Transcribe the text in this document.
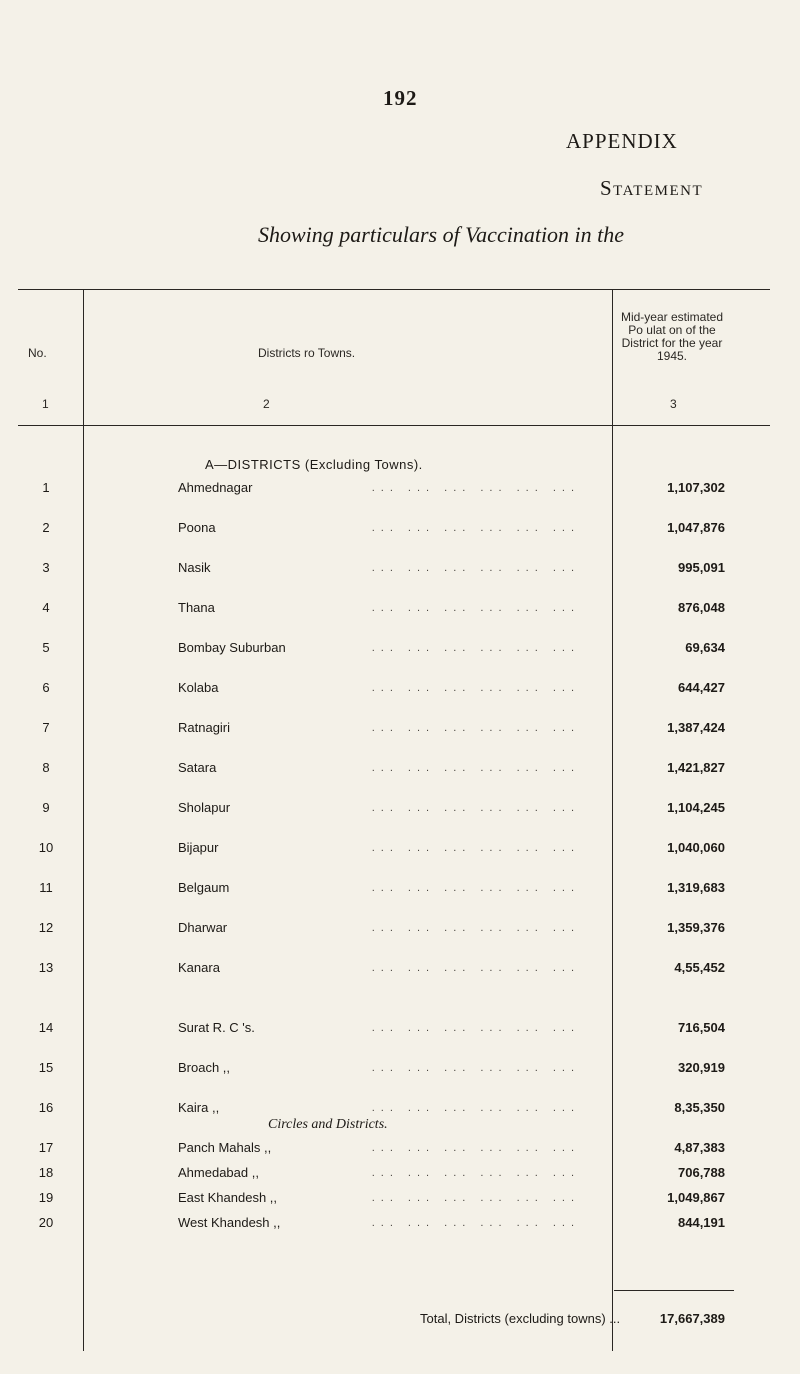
192
APPENDIX
Statement
Showing particulars of Vaccination in the
No.	Districts ro Towns.
Mid-year estimated Po ulat on of the District for the year 1945.
1	2	3
A—DISTRICTS (Excluding Towns).
Circles and Districts.
1	Ahmednagar	... ... ... ... ... ...	1,107,302
2	Poona	... ... ... ... ... ...	1,047,876
3	Nasik	... ... ... ... ... ...	995,091
4	Thana	... ... ... ... ... ...	876,048
5	Bombay Suburban	... ... ... ... ... ...	69,634
6	Kolaba	... ... ... ... ... ...	644,427
7	Ratnagiri	... ... ... ... ... ...	1,387,424
8	Satara	... ... ... ... ... ...	1,421,827
9	Sholapur	... ... ... ... ... ...	1,104,245
10	Bijapur	... ... ... ... ... ...	1,040,060
11	Belgaum	... ... ... ... ... ...	1,319,683
12	Dharwar	... ... ... ... ... ...	1,359,376
13	Kanara	... ... ... ... ... ...	4,55,452
14	Surat R. C 's.	... ... ... ... ... ...	716,504
15	Broach ,,	... ... ... ... ... ...	320,919
16	Kaira ,,	... ... ... ... ... ...	8,35,350
17	Panch Mahals ,,	... ... ... ... ... ...	4,87,383
18	Ahmedabad ,,	... ... ... ... ... ...	706,788
19	East Khandesh ,,	... ... ... ... ... ...	1,049,867
20	West Khandesh ,,	... ... ... ... ... ...	844,191
Total, Districts (excluding towns) ...	17,667,389
